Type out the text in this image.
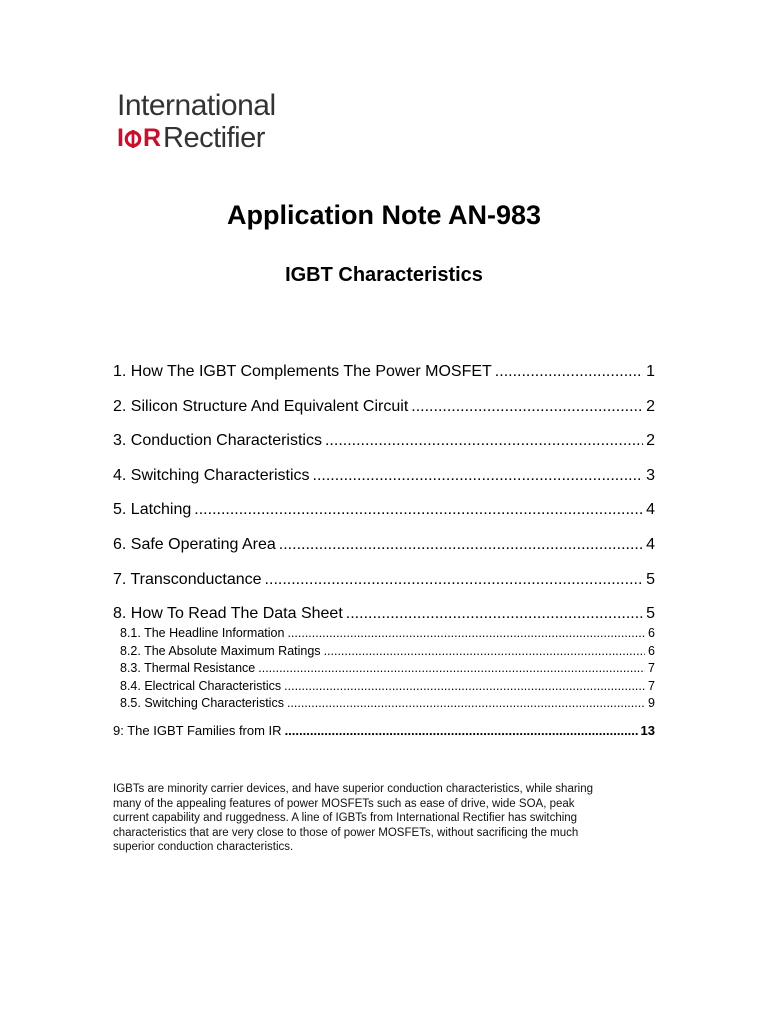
International
I R Rectifier
Application Note AN-983
IGBT Characteristics
1. How The IGBT Complements The Power MOSFET .....	1
2. Silicon Structure And Equivalent Circuit .....	2
3. Conduction Characteristics .....	2
4. Switching Characteristics .....	3
5. Latching .....	4
6. Safe Operating Area .....	4
7. Transconductance .....	5
8. How To Read The Data Sheet .....	5
8.1. The Headline Information .....	6
8.2. The Absolute Maximum Ratings .....	6
8.3. Thermal Resistance .....	7
8.4. Electrical Characteristics .....	7
8.5. Switching Characteristics .....	9
9: The IGBT Families from IR .....	13
IGBTs are minority carrier devices, and have superior conduction characteristics, while sharing
many of the appealing features of power MOSFETs such as ease of drive, wide SOA, peak
current capability and ruggedness. A line of IGBTs from International Rectifier has switching
characteristics that are very close to those of power MOSFETs, without sacrificing the much
superior conduction characteristics.
